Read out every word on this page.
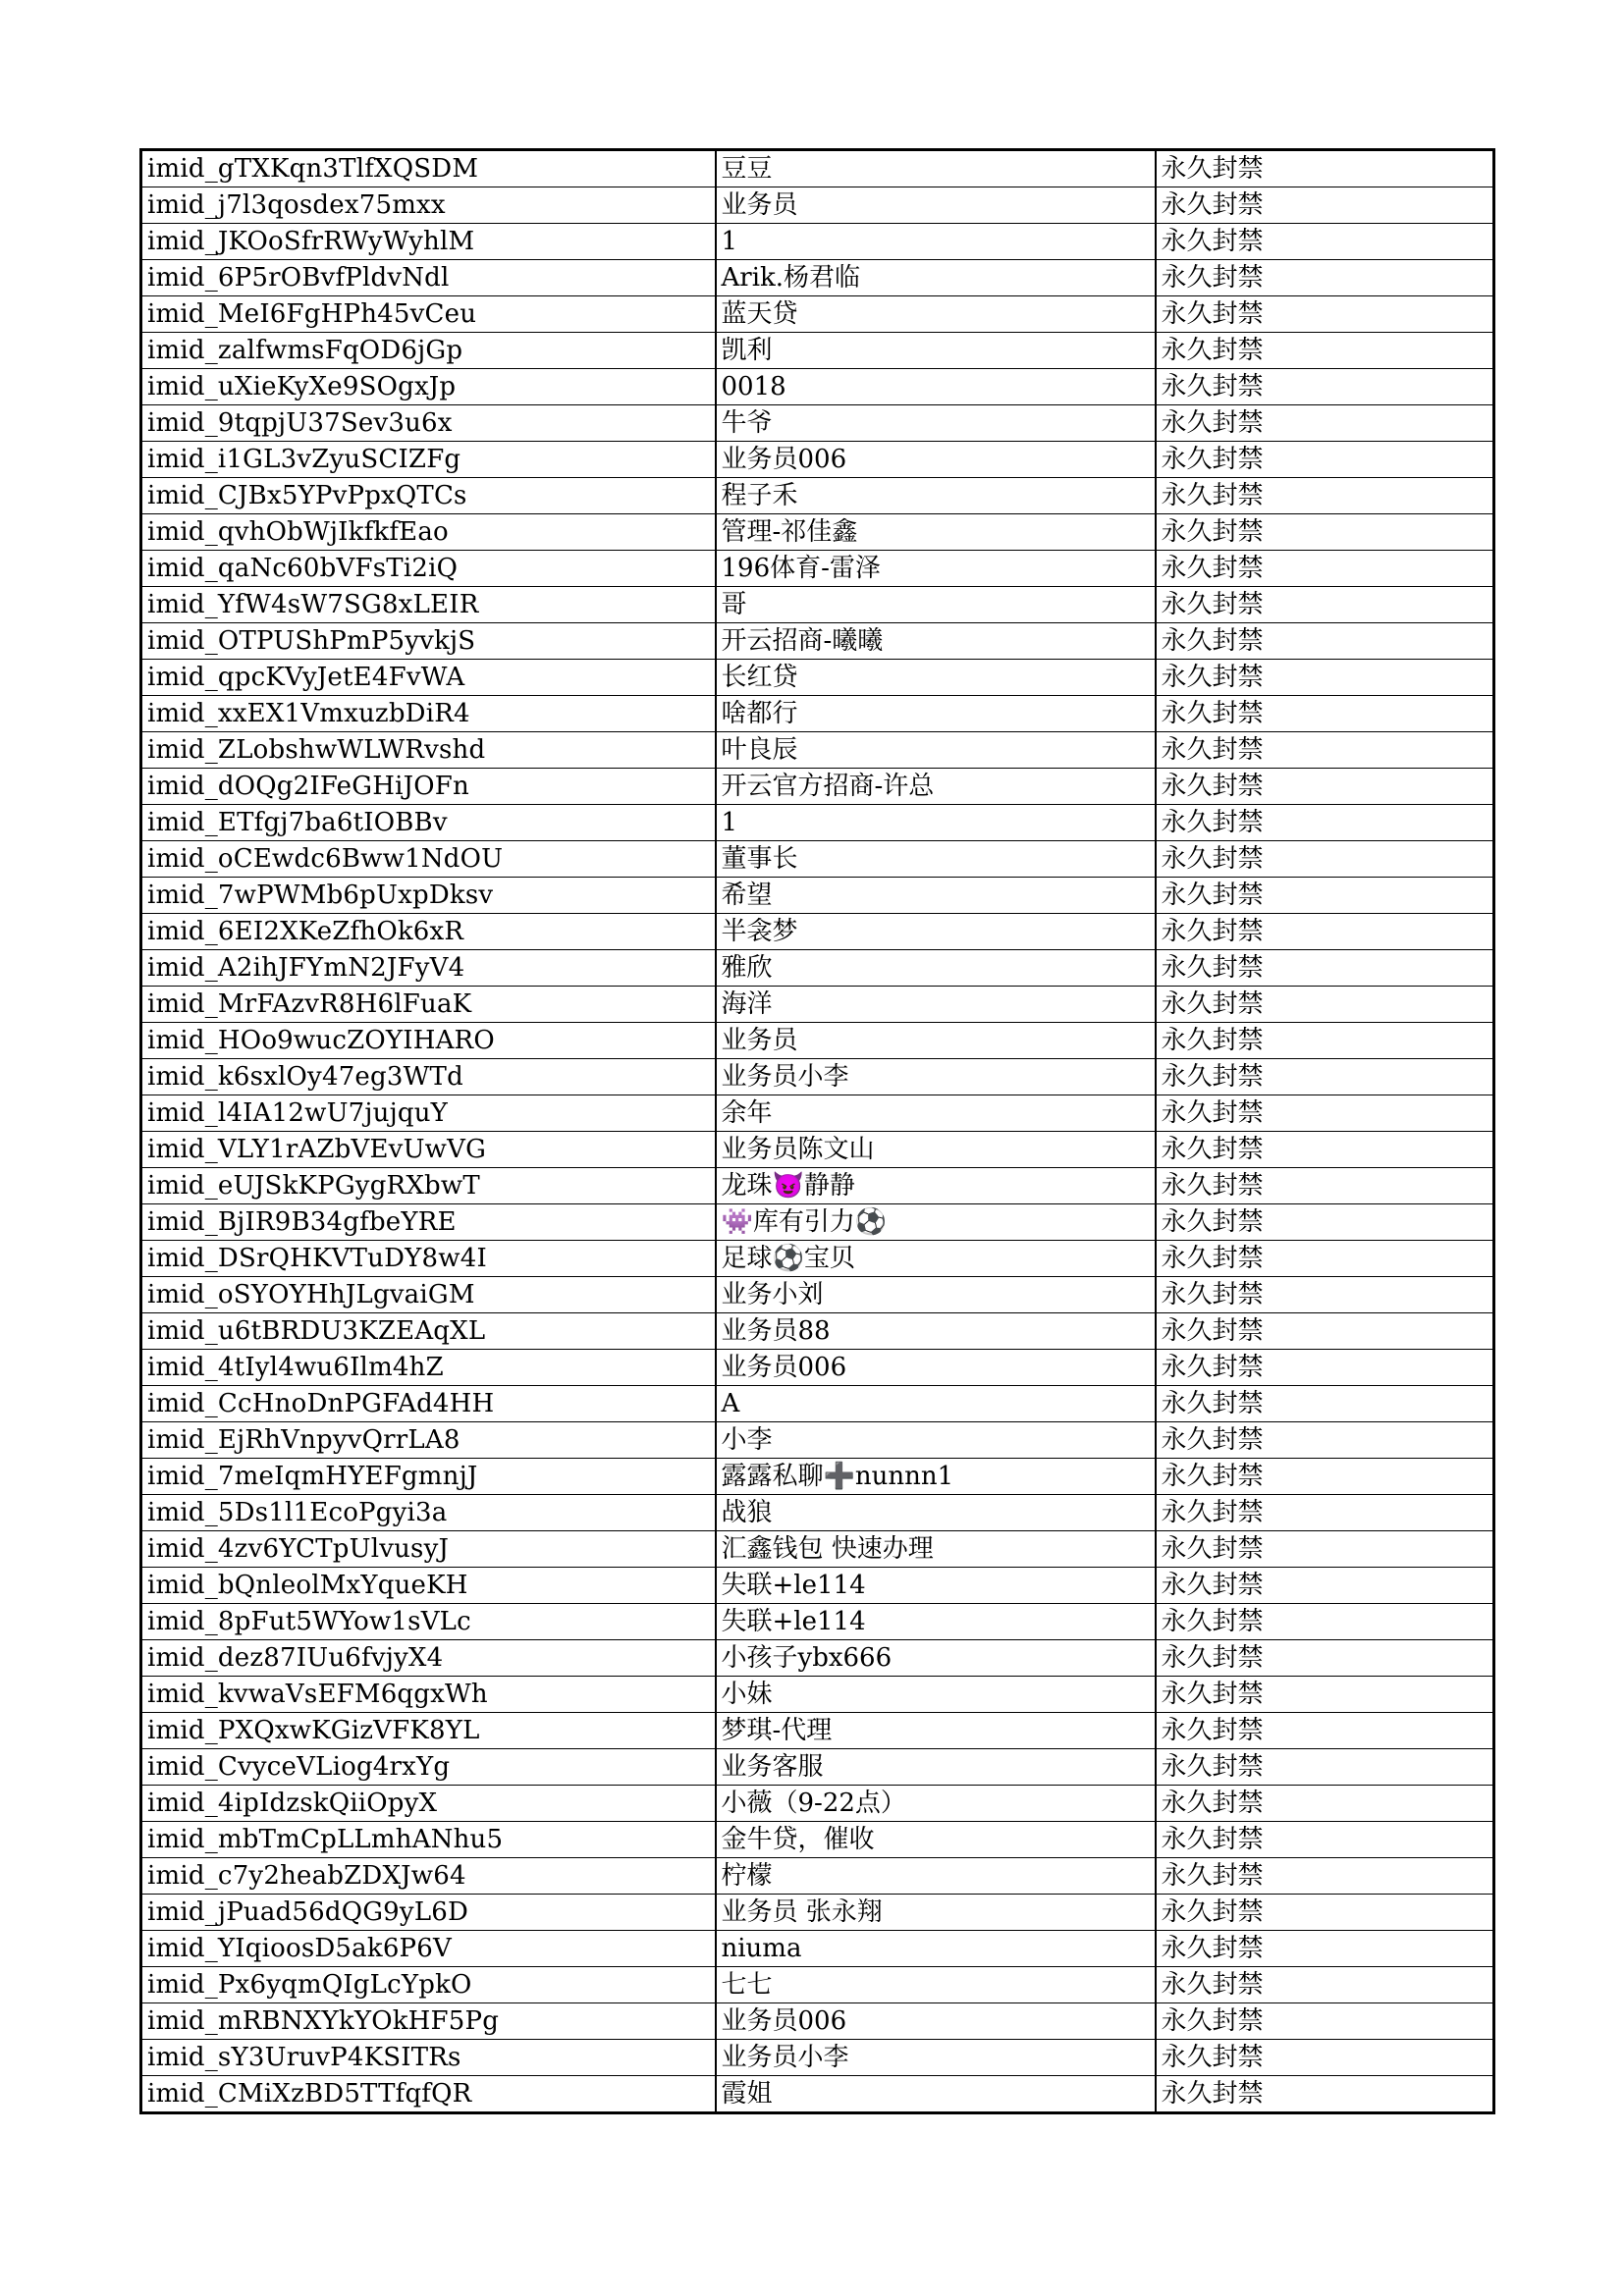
imid_gTXKqn3TlfXQSDM	豆豆	永久封禁
imid_j7l3qosdex75mxx	业务员	永久封禁
imid_JKOoSfrRWyWyhlM	1	永久封禁
imid_6P5rOBvfPldvNdl	Arik.杨君临	永久封禁
imid_MeI6FgHPh45vCeu	蓝天贷	永久封禁
imid_zalfwmsFqOD6jGp	凯利	永久封禁
imid_uXieKyXe9SOgxJp	0018	永久封禁
imid_9tqpjU37Sev3u6x	牛爷	永久封禁
imid_i1GL3vZyuSCIZFg	业务员006	永久封禁
imid_CJBx5YPvPpxQTCs	程子禾	永久封禁
imid_qvhObWjIkfkfEao	管理-祁佳鑫	永久封禁
imid_qaNc60bVFsTi2iQ	196体育-雷泽	永久封禁
imid_YfW4sW7SG8xLEIR	哥	永久封禁
imid_OTPUShPmP5yvkjS	开云招商-曦曦	永久封禁
imid_qpcKVyJetE4FvWA	长红贷	永久封禁
imid_xxEX1VmxuzbDiR4	啥都行	永久封禁
imid_ZLobshwWLWRvshd	叶良辰	永久封禁
imid_dOQg2IFeGHiJOFn	开云官方招商-许总	永久封禁
imid_ETfgj7ba6tIOBBv	1	永久封禁
imid_oCEwdc6Bww1NdOU	董事长	永久封禁
imid_7wPWMb6pUxpDksv	希望	永久封禁
imid_6EI2XKeZfhOk6xR	半衾梦	永久封禁
imid_A2ihJFYmN2JFyV4	雅欣	永久封禁
imid_MrFAzvR8H6lFuaK	海洋	永久封禁
imid_HOo9wucZOYIHARO	业务员	永久封禁
imid_k6sxlOy47eg3WTd	业务员小李	永久封禁
imid_l4IA12wU7jujquY	余年	永久封禁
imid_VLY1rAZbVEvUwVG	业务员陈文山	永久封禁
imid_eUJSkKPGygRXbwT	龙珠😈静静	永久封禁
imid_BjIR9B34gfbeYRE	👾库有引力⚽	永久封禁
imid_DSrQHKVTuDY8w4I	足球⚽宝贝	永久封禁
imid_oSYOYHhJLgvaiGM	业务小刘	永久封禁
imid_u6tBRDU3KZEAqXL	业务员88	永久封禁
imid_4tIyl4wu6Ilm4hZ	业务员006	永久封禁
imid_CcHnoDnPGFAd4HH	A	永久封禁
imid_EjRhVnpyvQrrLA8	小李	永久封禁
imid_7meIqmHYEFgmnjJ	露露私聊➕nunnn1	永久封禁
imid_5Ds1l1EcoPgyi3a	战狼	永久封禁
imid_4zv6YCTpUlvusyJ	汇鑫钱包 快速办理	永久封禁
imid_bQnleolMxYqueKH	失联+le114	永久封禁
imid_8pFut5WYow1sVLc	失联+le114	永久封禁
imid_dez87IUu6fvjyX4	小孩子ybx666	永久封禁
imid_kvwaVsEFM6qgxWh	小妹	永久封禁
imid_PXQxwKGizVFK8YL	梦琪-代理	永久封禁
imid_CvyceVLiog4rxYg	业务客服	永久封禁
imid_4ipIdzskQiiOpyX	小薇（9-22点）	永久封禁
imid_mbTmCpLLmhANhu5	金牛贷，催收	永久封禁
imid_c7y2heabZDXJw64	柠檬	永久封禁
imid_jPuad56dQG9yL6D	业务员 张永翔	永久封禁
imid_YIqioosD5ak6P6V	niuma	永久封禁
imid_Px6yqmQIgLcYpkO	七七	永久封禁
imid_mRBNXYkYOkHF5Pg	业务员006	永久封禁
imid_sY3UruvP4KSITRs	业务员小李	永久封禁
imid_CMiXzBD5TTfqfQR	霞姐	永久封禁
